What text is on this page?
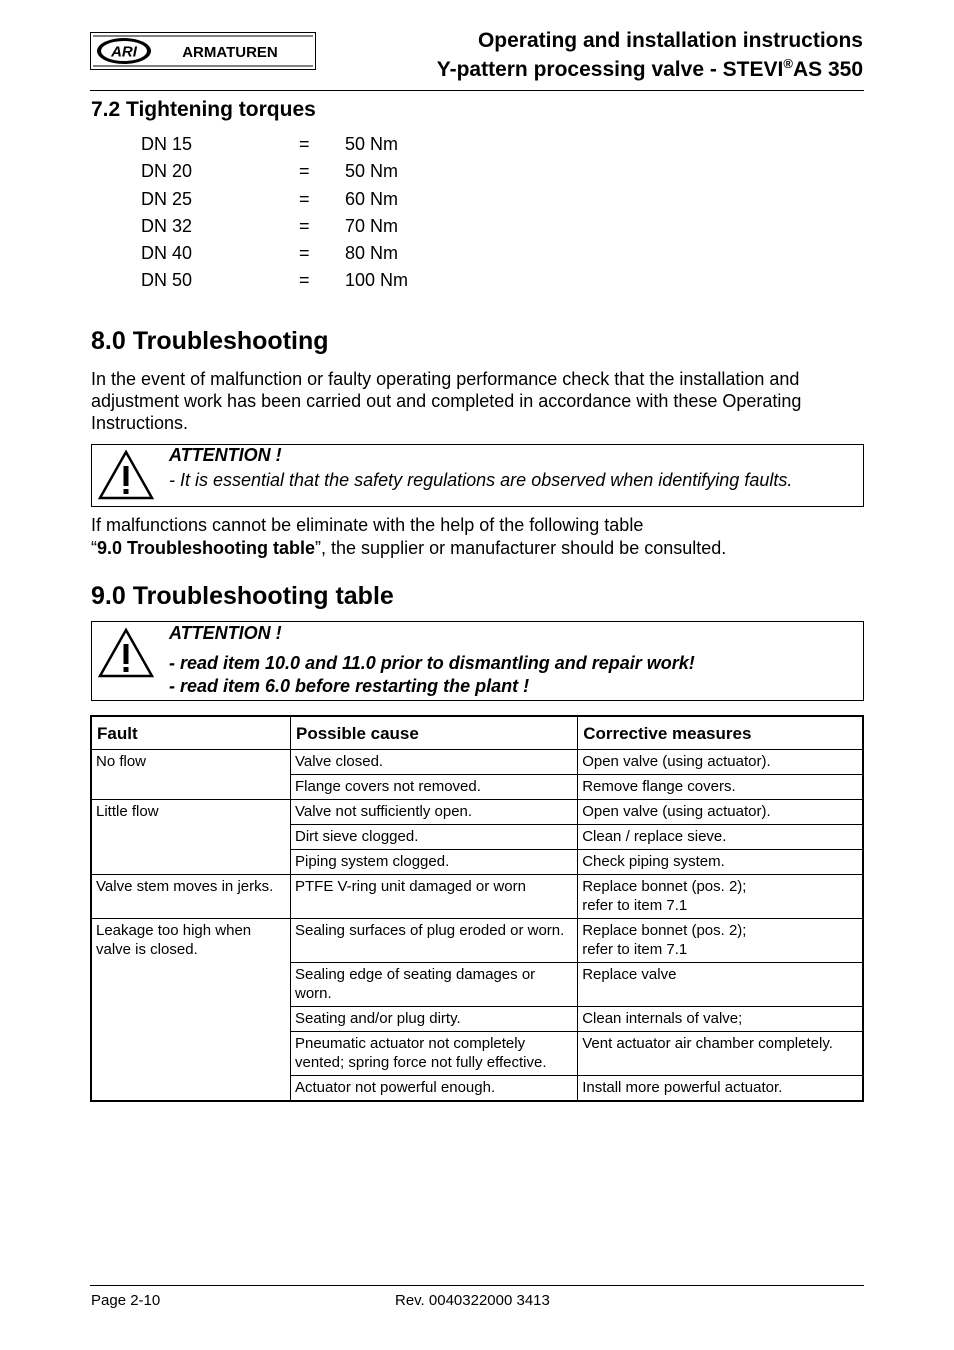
ARI	ARMATUREN
Operating and installation instructions
Y-pattern processing valve - STEVI®AS 350
7.2 Tightening torques
DN 15	= 50 Nm
DN 20	= 50 Nm
DN 25	= 60 Nm
DN 32	= 70 Nm
DN 40	= 80 Nm
DN 50	= 100 Nm
8.0 Troubleshooting
In the event of malfunction or faulty operating performance check that the installation and adjustment work has been carried out and completed in accordance with these Operating Instructions.
ATTENTION !
- It is essential that the safety regulations are observed when identifying faults.
If malfunctions cannot be eliminate with the help of the following table
“9.0 Troubleshooting table”, the supplier or manufacturer should be consulted.
9.0 Troubleshooting table
ATTENTION !
- read item 10.0 and 11.0 prior to dismantling and repair work!
- read item 6.0 before restarting the plant !
Fault	Possible cause	Corrective measures
No flow	Valve closed.	Open valve (using actuator).
	Flange covers not removed.	Remove flange covers.
Little flow	Valve not sufficiently open.	Open valve (using actuator).
	Dirt sieve clogged.	Clean / replace sieve.
	Piping system clogged.	Check piping system.
Valve stem moves in jerks.	PTFE V-ring unit damaged or worn	Replace bonnet (pos. 2);
refer to item 7.1
Leakage too high when valve is closed.	Sealing surfaces of plug eroded or worn.	Replace bonnet (pos. 2);
refer to item 7.1
	Sealing edge of seating damages or worn.	Replace valve
	Seating and/or plug dirty.	Clean internals of valve;
	Pneumatic actuator not completely vented; spring force not fully effective.	Vent actuator air chamber completely.
	Actuator not powerful enough.	Install more powerful actuator.
Page 2-10	Rev. 0040322000 3413
